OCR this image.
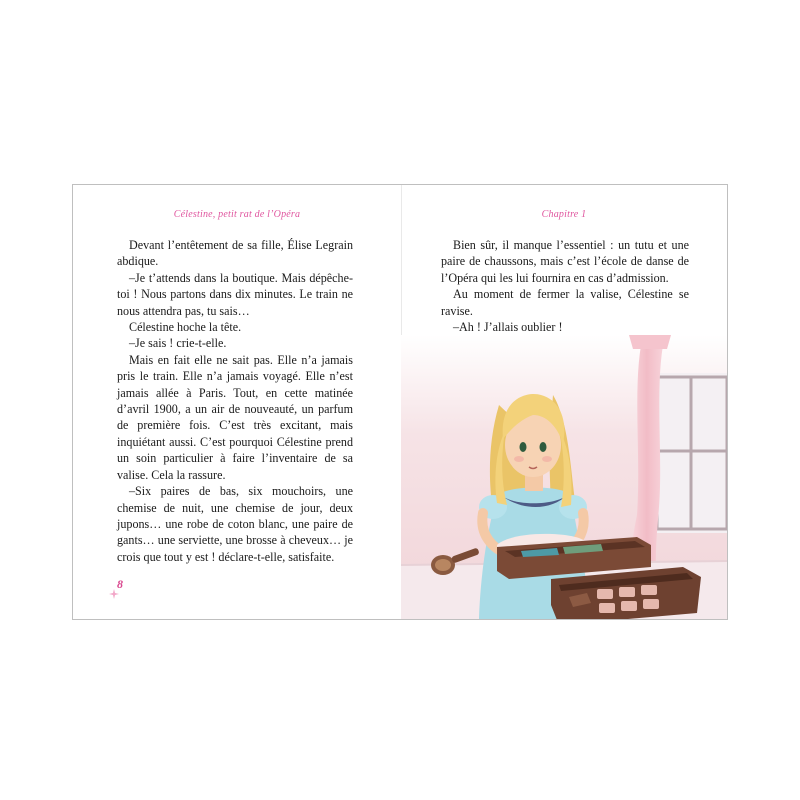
Célestine, petit rat de l’Opéra

Devant l’entêtement de sa fille, Élise Legrain abdique.

–Je t’attends dans la boutique. Mais dépêche-toi ! Nous partons dans dix minutes. Le train ne nous attendra pas, tu sais…

Célestine hoche la tête.

–Je sais ! crie-t-elle.

Mais en fait elle ne sait pas. Elle n’a jamais pris le train. Elle n’a jamais voyagé. Elle n’est jamais allée à Paris. Tout, en cette matinée d’avril 1900, a un air de nouveauté, un parfum de première fois. C’est très excitant, mais inquiétant aussi. C’est pourquoi Célestine prend un soin particulier à faire l’inventaire de sa valise. Cela la rassure.

–Six paires de bas, six mouchoirs, une chemise de nuit, une chemise de jour, deux jupons… une robe de coton blanc, une paire de gants… une serviette, une brosse à cheveux… je crois que tout y est ! déclare-t-elle, satisfaite.

8
Chapitre 1

Bien sûr, il manque l’essentiel : un tutu et une paire de chaussons, mais c’est l’école de danse de l’Opéra qui les lui fournira en cas d’admission.

Au moment de fermer la valise, Célestine se ravise.

–Ah ! J’allais oublier !
